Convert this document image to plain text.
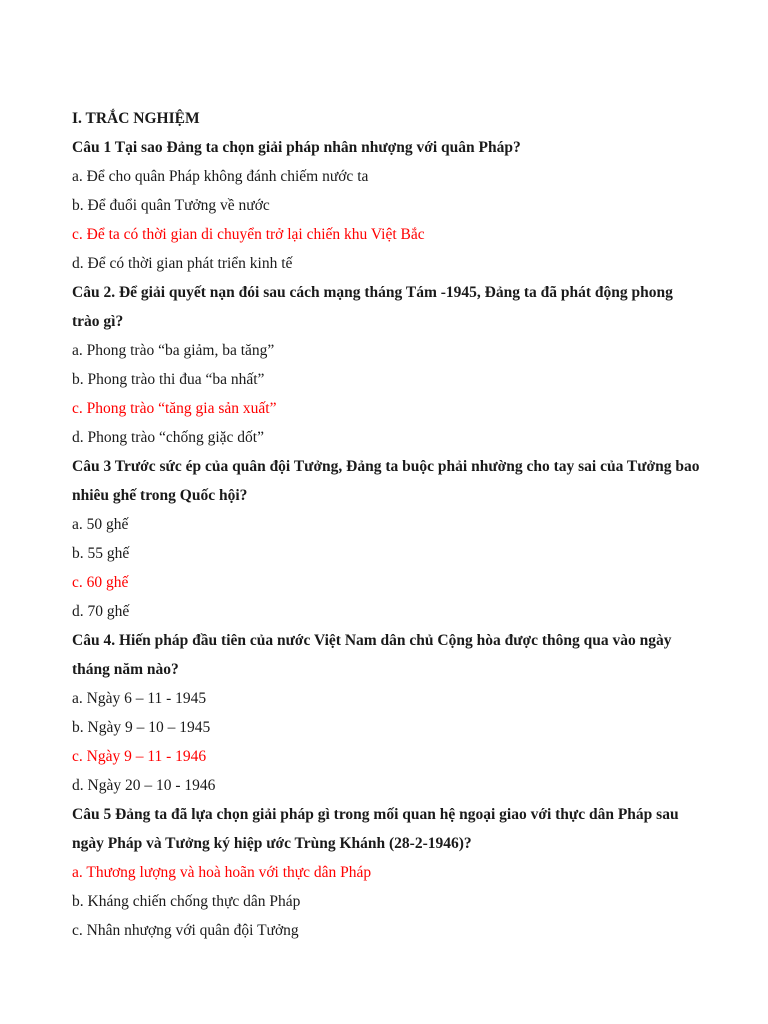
I. TRẮC NGHIỆM

Câu 1 Tại sao Đảng ta chọn giải pháp nhân nhượng với quân Pháp?

a. Để cho quân Pháp không đánh chiếm nước ta

b. Để đuổi quân Tưởng về nước

c. Để ta có thời gian di chuyển trở lại chiến khu Việt Bắc

d. Để có thời gian phát triển kinh tế

Câu 2. Để giải quyết nạn đói sau cách mạng tháng Tám -1945, Đảng ta đã phát động phong trào gì?

a. Phong trào “ba giảm, ba tăng”

b. Phong trào thi đua “ba nhất”

c. Phong trào “tăng gia sản xuất”

d. Phong trào “chống giặc dốt”

Câu 3 Trước sức ép của quân đội Tưởng, Đảng ta buộc phải nhường cho tay sai của Tưởng bao nhiêu ghế trong Quốc hội?

a. 50 ghế

b. 55 ghế

c. 60 ghế

d. 70 ghế

Câu 4. Hiến pháp đầu tiên của nước Việt Nam dân chủ Cộng hòa được thông qua vào ngày tháng năm nào?

a. Ngày 6 – 11 - 1945

b. Ngày 9 – 10 – 1945

c. Ngày 9 – 11 - 1946

d. Ngày 20 – 10 - 1946

Câu 5 Đảng ta đã lựa chọn giải pháp gì trong mối quan hệ ngoại giao với thực dân Pháp sau ngày Pháp và Tưởng ký hiệp ước Trùng Khánh (28-2-1946)?

a. Thương lượng và hoà hoãn với thực dân Pháp

b. Kháng chiến chống thực dân Pháp

c. Nhân nhượng với quân đội Tưởng
